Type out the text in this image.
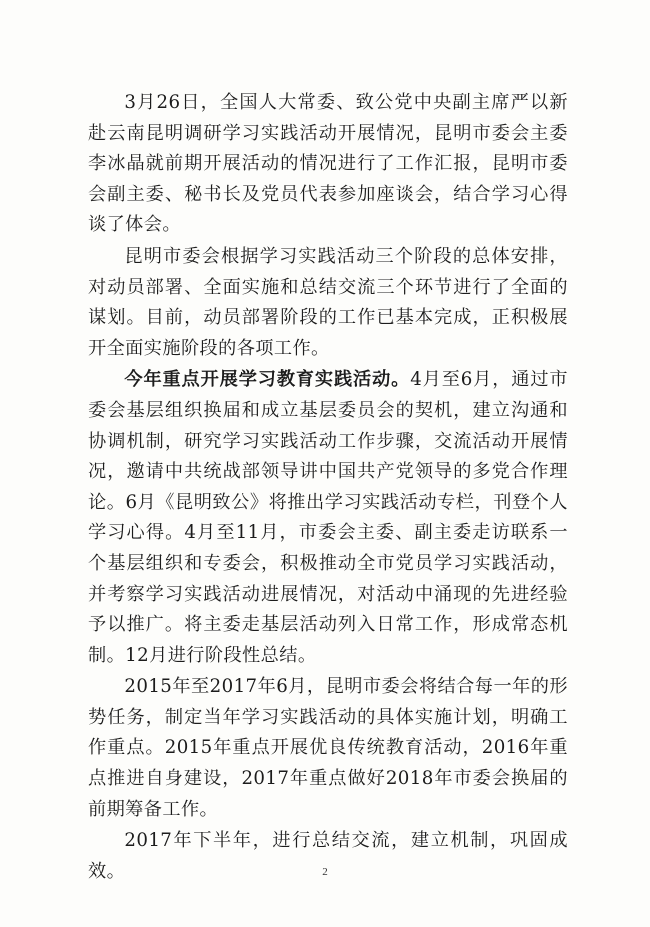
3月26日，全国人大常委、致公党中央副主席严以新赴云南昆明调研学习实践活动开展情况，昆明市委会主委李冰晶就前期开展活动的情况进行了工作汇报，昆明市委会副主委、秘书长及党员代表参加座谈会，结合学习心得谈了体会。

昆明市委会根据学习实践活动三个阶段的总体安排，对动员部署、全面实施和总结交流三个环节进行了全面的谋划。目前，动员部署阶段的工作已基本完成，正积极展开全面实施阶段的各项工作。

今年重点开展学习教育实践活动。4月至6月，通过市委会基层组织换届和成立基层委员会的契机，建立沟通和协调机制，研究学习实践活动工作步骤，交流活动开展情况，邀请中共统战部领导讲中国共产党领导的多党合作理论。6月《昆明致公》将推出学习实践活动专栏，刊登个人学习心得。4月至11月，市委会主委、副主委走访联系一个基层组织和专委会，积极推动全市党员学习实践活动，并考察学习实践活动进展情况，对活动中涌现的先进经验予以推广。将主委走基层活动列入日常工作，形成常态机制。12月进行阶段性总结。

2015年至2017年6月，昆明市委会将结合每一年的形势任务，制定当年学习实践活动的具体实施计划，明确工作重点。2015年重点开展优良传统教育活动，2016年重点推进自身建设，2017年重点做好2018年市委会换届的前期筹备工作。

2017年下半年，进行总结交流，建立机制，巩固成效。	2
